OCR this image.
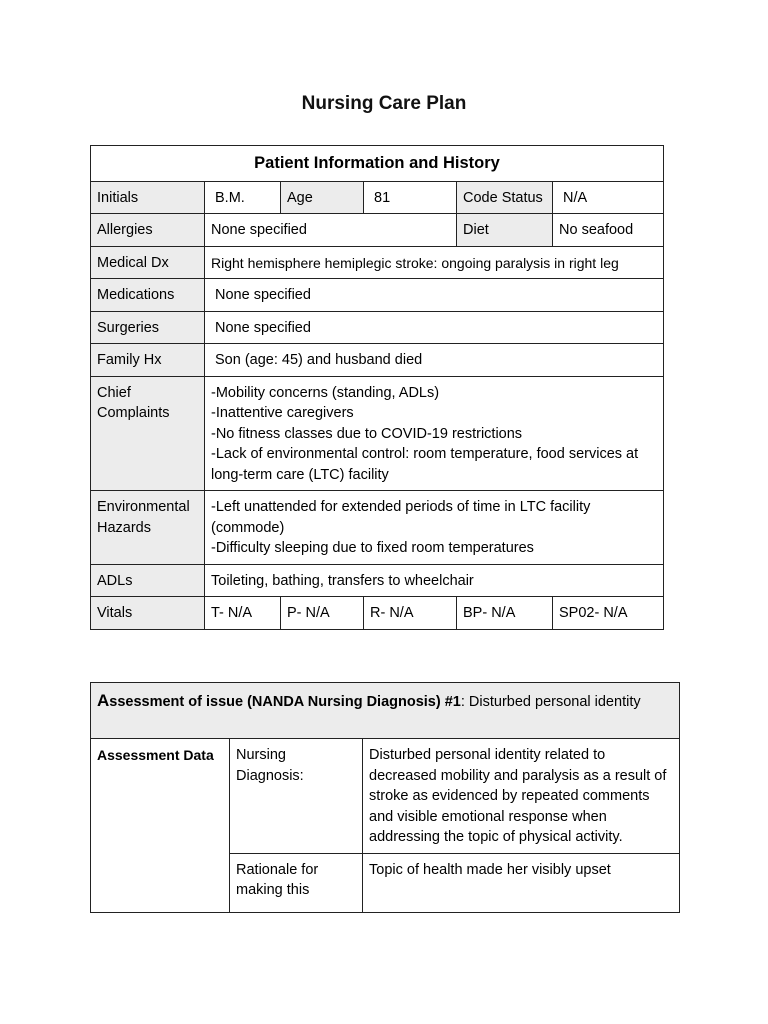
Nursing Care Plan
Patient Information and History					
Initials	B.M.	Age	81	Code Status	N/A
Allergies	None specified			Diet	No seafood
Medical Dx	Right hemisphere hemiplegic stroke: ongoing paralysis in right leg				
Medications	None specified				
Surgeries	None specified				
Family Hx	Son (age: 45) and husband died				
Chief Complaints	-Mobility concerns (standing, ADLs)
-Inattentive caregivers
-No fitness classes due to COVID-19 restrictions
-Lack of environmental control: room temperature, food services at long-term care (LTC) facility				

Environmental Hazards	-Left unattended for extended periods of time in LTC facility (commode)
-Difficulty sleeping due to fixed room temperatures				

ADLs	Toileting, bathing, transfers to wheelchair				
Vitals	T- N/A	P- N/A	R- N/A	BP- N/A	SP02- N/A
Assessment of issue (NANDA Nursing Diagnosis) #1: Disturbed personal identity		
Assessment Data	Nursing Diagnosis:	Disturbed personal identity related to decreased mobility and paralysis as a result of stroke as evidenced by repeated comments and visible emotional response when addressing the topic of physical activity.
	Rationale for making this	Topic of health made her visibly upset
